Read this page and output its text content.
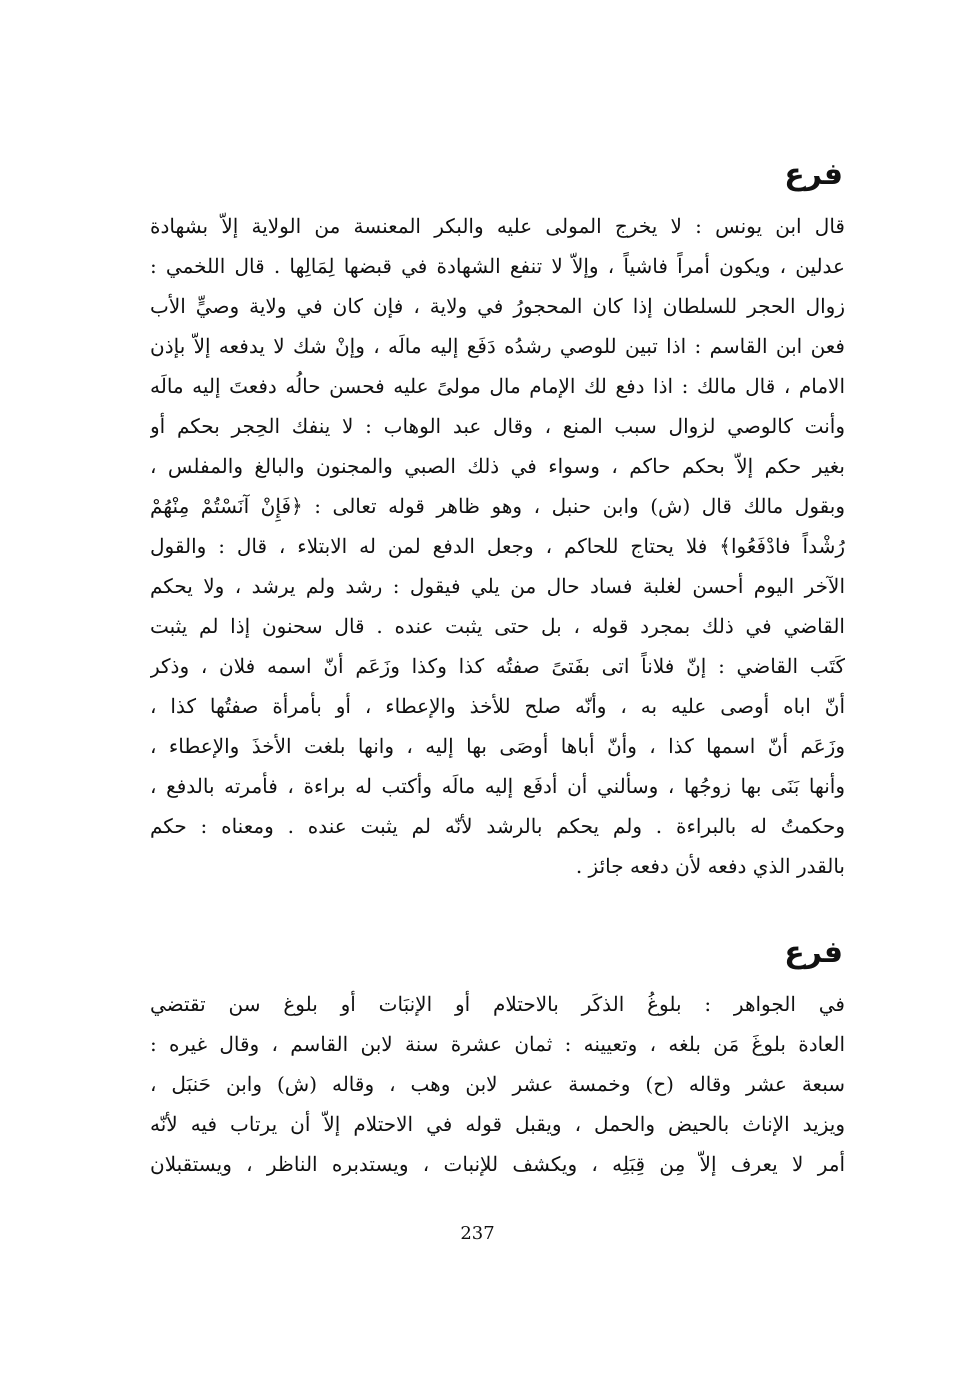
فرع
قال ابن يونس : لا يخرج المولى عليه والبكر المعنسة من الولاية إلاّ بشهادة
عدلين ، ويكون أمراً فاشياً ، وإلاّ لا تنفع الشهادة في قبضها لِمَالِها . قال اللخمي :
زوال الحجر للسلطان إذا كان المحجورُ في ولاية ، فإن كان في ولاية وصيٍّ الأب
فعن ابن القاسم : اذا تبين للوصي رشدُه دَفَع إليه مالَه ، وإنْ شك لا يدفعه إلاّ بإذن
الامام ، قال مالك : اذا دفع لك الإمام مال مولىً عليه فحسن حالُه دفعتَ إليه مالَه
وأنت كالوصي لزوال سبب المنع ، وقال عبد الوهاب : لا ينفك الحِجر بحكم أو
بغير حكم إلاّ بحكم حاكم ، وسواء في ذلك الصبي والمجنون والبالغ والمفلس ،
وبقول مالك قال (ش) وابن حنبل ، وهو ظاهر قوله تعالى : ﴿فَإِنْ آنَسْتُمْ مِنْهُمْ
رُشْداً فادْفَعُوا﴾ فلا يحتاج للحاكم ، وجعل الدفع لمن له الابتلاء ، قال : والقول
الآخر اليوم أحسن لغلبة فساد حال من يلي فيقول : رشد ولم يرشد ، ولا يحكم
القاضي في ذلك بمجرد قوله ، بل حتى يثبت عنده . قال سحنون إذا لم يثبت
كَتَب القاضي : إنّ فلاناً اتى بفَتىً صفتُه كذا وكذا وزَعَم أنّ اسمه فلان ، وذكر
أنّ اباه أوصى عليه به ، وأنّه صلح للأخذ والإعطاء ، أو بأمرأة صفتُها كذا ،
وزَعَم أنّ اسمها كذا ، وأنّ أباها أوصَى بها إليه ، وانها بلغت الأخذَ والإعطاء ،
وأنها بَنَى بها زوجُها ، وسألني أن أدفَع إليه مالَه وأكتب له براءة ، فأمرته بالدفع ،
وحكمتُ له بالبراءة . ولم يحكم بالرشد لأنّه لم يثبت عنده . ومعناه : حكم
بالقدر الذي دفعه لأن دفعه جائز .
فرع
في الجواهر : بلوغُ الذكَر بالاحتلام أو الإنبَات أو بلوغ سن تقتضي
العادة بلوغَ مَن بلغه ، وتعيينه : ثمان عشرة سنة لابن القاسم ، وقال غيره :
سبعة عشر وقاله (ح) وخمسة عشر لابن وهب ، وقاله (ش) وابن حَنبَل ،
ويزيد الإناث بالحيض والحمل ، ويقبل قوله في الاحتلام إلاّ أن يرتاب فيه لأنّه
أمر لا يعرف إلاّ مِن قِبَلِه ، ويكشف للإنبات ، ويستدبره الناظر ، ويستقبلان
237
